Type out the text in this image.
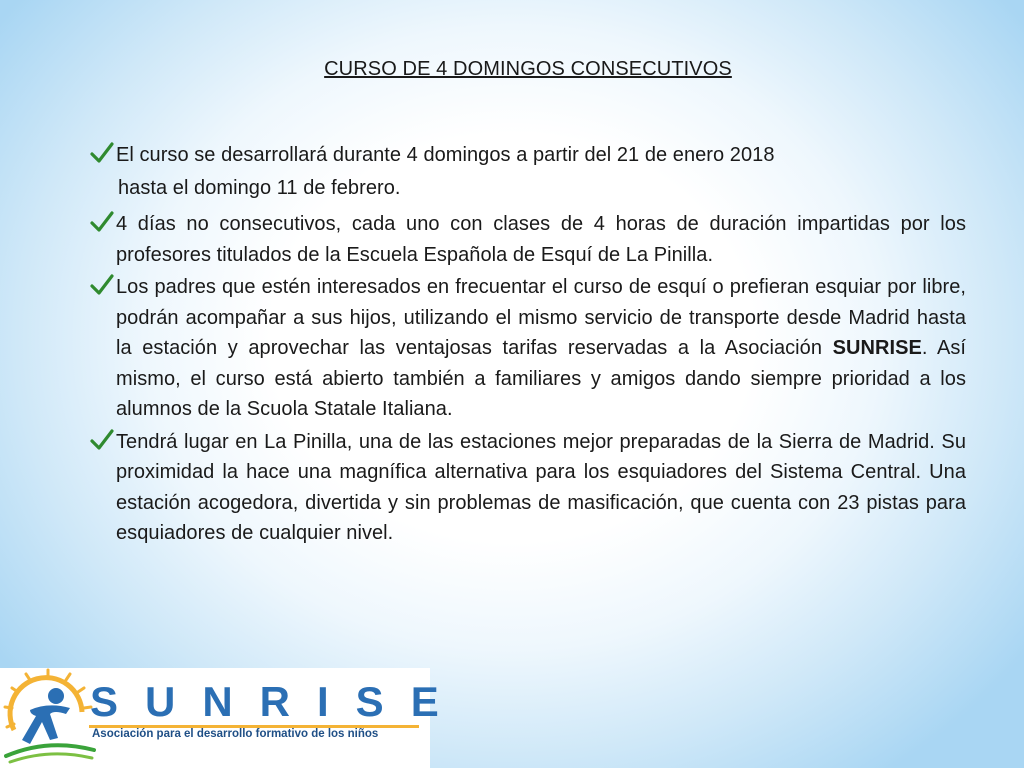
CURSO DE 4 DOMINGOS CONSECUTIVOS
El curso se desarrollará durante 4 domingos a partir del 21 de enero 2018
hasta el domingo 11 de febrero.
4 días no consecutivos, cada uno con clases de 4 horas de duración impartidas por los profesores titulados de la Escuela Española de Esquí de La Pinilla.
Los padres que estén interesados en frecuentar el curso de esquí o prefieran esquiar por libre, podrán acompañar a sus hijos, utilizando el mismo servicio de transporte desde Madrid hasta la estación y aprovechar las ventajosas tarifas reservadas a la Asociación SUNRISE. Así mismo, el curso está abierto también a familiares y amigos dando siempre prioridad a los alumnos de la Scuola Statale Italiana.
Tendrá lugar en La Pinilla, una de las estaciones mejor preparadas de la Sierra de Madrid. Su proximidad la hace una magnífica alternativa para los esquiadores del Sistema Central. Una estación acogedora, divertida y sin problemas de masificación, que cuenta con 23 pistas para esquiadores de cualquier nivel.
SUNRISE
Asociación para el desarrollo formativo de los niños
